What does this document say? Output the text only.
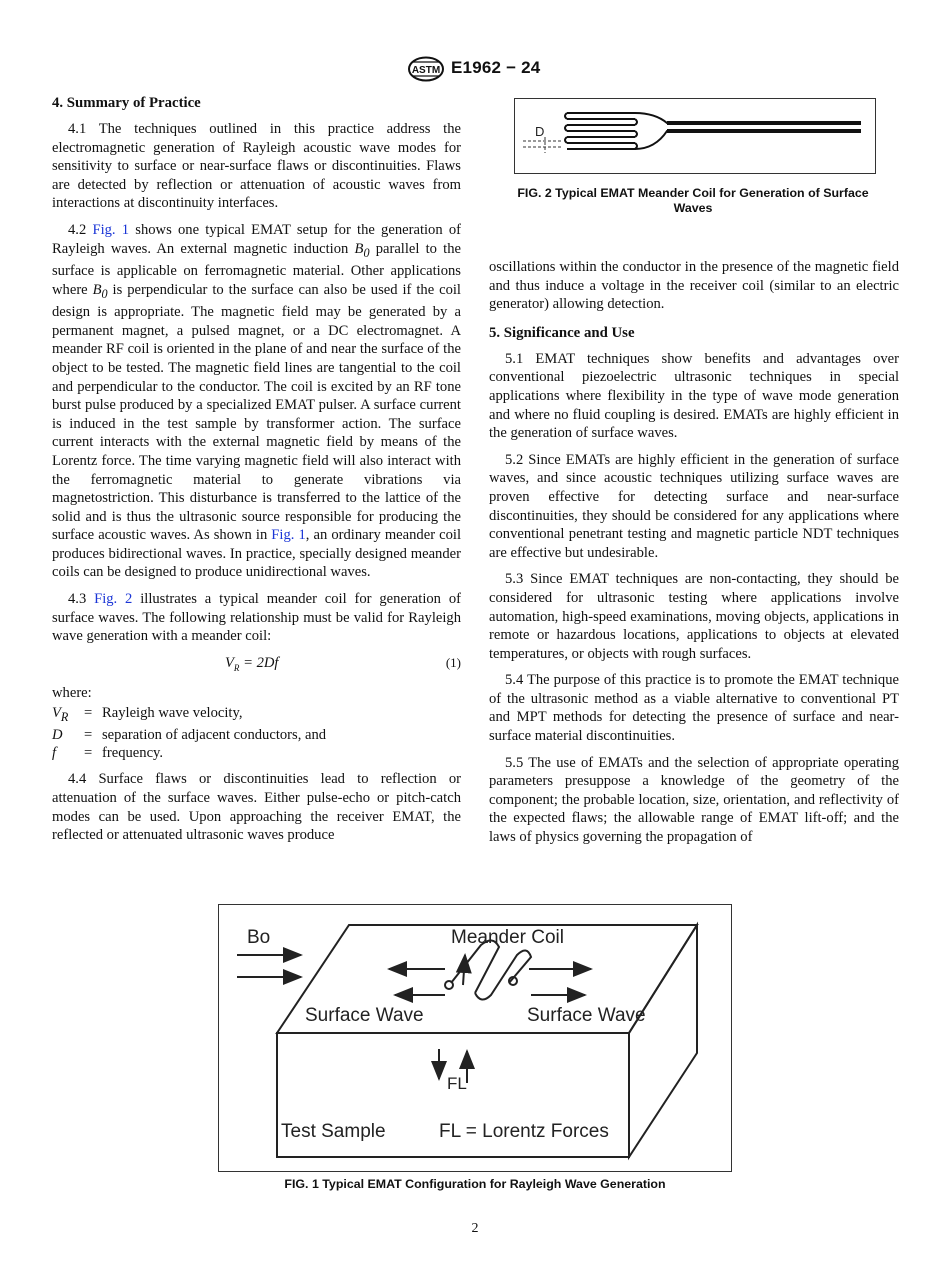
ASTM E1962 − 24
4. Summary of Practice

4.1 The techniques outlined in this practice address the electromagnetic generation of Rayleigh acoustic wave modes for sensitivity to surface or near-surface flaws or discontinuities. Flaws are detected by reflection or attenuation of acoustic waves from interactions at discontinuity interfaces.

4.2 Fig. 1 shows one typical EMAT setup for the generation of Rayleigh waves. An external magnetic induction $B_0$ parallel to the surface is applicable on ferromagnetic material. Other applications where $B_0$ is perpendicular to the surface can also be used if the coil design is appropriate. The magnetic field may be generated by a permanent magnet, a pulsed magnet, or a DC electromagnet. A meander RF coil is oriented in the plane of and near the surface of the object to be tested. The magnetic field lines are tangential to the coil and perpendicular to the conductor. The coil is excited by an RF tone burst pulse produced by a specialized EMAT pulser. A surface current is induced in the test sample by transformer action. The surface current interacts with the external magnetic field by means of the Lorentz force. The time varying magnetic field will also interact with the ferromagnetic material to generate vibrations via magnetostriction. This disturbance is transferred to the lattice of the solid and is thus the ultrasonic source responsible for producing the surface acoustic waves. As shown in Fig. 1, an ordinary meander coil produces bidirectional waves. In practice, specially designed meander coils can be designed to produce unidirectional waves.

4.3 Fig. 2 illustrates a typical meander coil for generation of surface waves. The following relationship must be valid for Rayleigh wave generation with a meander coil:

$V_R = 2Df$	(1)
where:
$V_R$	=	Rayleigh wave velocity,
D	=	separation of adjacent conductors, and
f	=	frequency.

4.4 Surface flaws or discontinuities lead to reflection or attenuation of the surface waves. Either pulse-echo or pitch-catch modes can be used. Upon approaching the receiver EMAT, the reflected or attenuated ultrasonic waves produce

D
FIG. 2 Typical EMAT Meander Coil for Generation of Surface Waves

oscillations within the conductor in the presence of the magnetic field and thus induce a voltage in the receiver coil (similar to an electric generator) allowing detection.

5. Significance and Use

5.1 EMAT techniques show benefits and advantages over conventional piezoelectric ultrasonic techniques in special applications where flexibility in the type of wave mode generation and where no fluid coupling is desired. EMATs are highly efficient in the generation of surface waves.

5.2 Since EMATs are highly efficient in the generation of surface waves, and since acoustic techniques utilizing surface waves are proven effective for detecting surface and near-surface discontinuities, they should be considered for any applications where conventional penetrant testing and magnetic particle NDT techniques are effective but undesirable.

5.3 Since EMAT techniques are non-contacting, they should be considered for ultrasonic testing where applications involve automation, high-speed examinations, moving objects, applications in remote or hazardous locations, applications to objects at elevated temperatures, or objects with rough surfaces.

5.4 The purpose of this practice is to promote the EMAT technique of the ultrasonic method as a viable alternative to conventional PT and MPT methods for detecting the presence of surface and near-surface material discontinuities.

5.5 The use of EMATs and the selection of appropriate operating parameters presuppose a knowledge of the geometry of the component; the probable location, size, orientation, and reflectivity of the expected flaws; the allowable range of EMAT lift-off; and the laws of physics governing the propagation of

Bo	Meander Coil
Surface Wave	Surface Wave
FL
Test Sample	FL = Lorentz Forces
FIG. 1 Typical EMAT Configuration for Rayleigh Wave Generation
2
